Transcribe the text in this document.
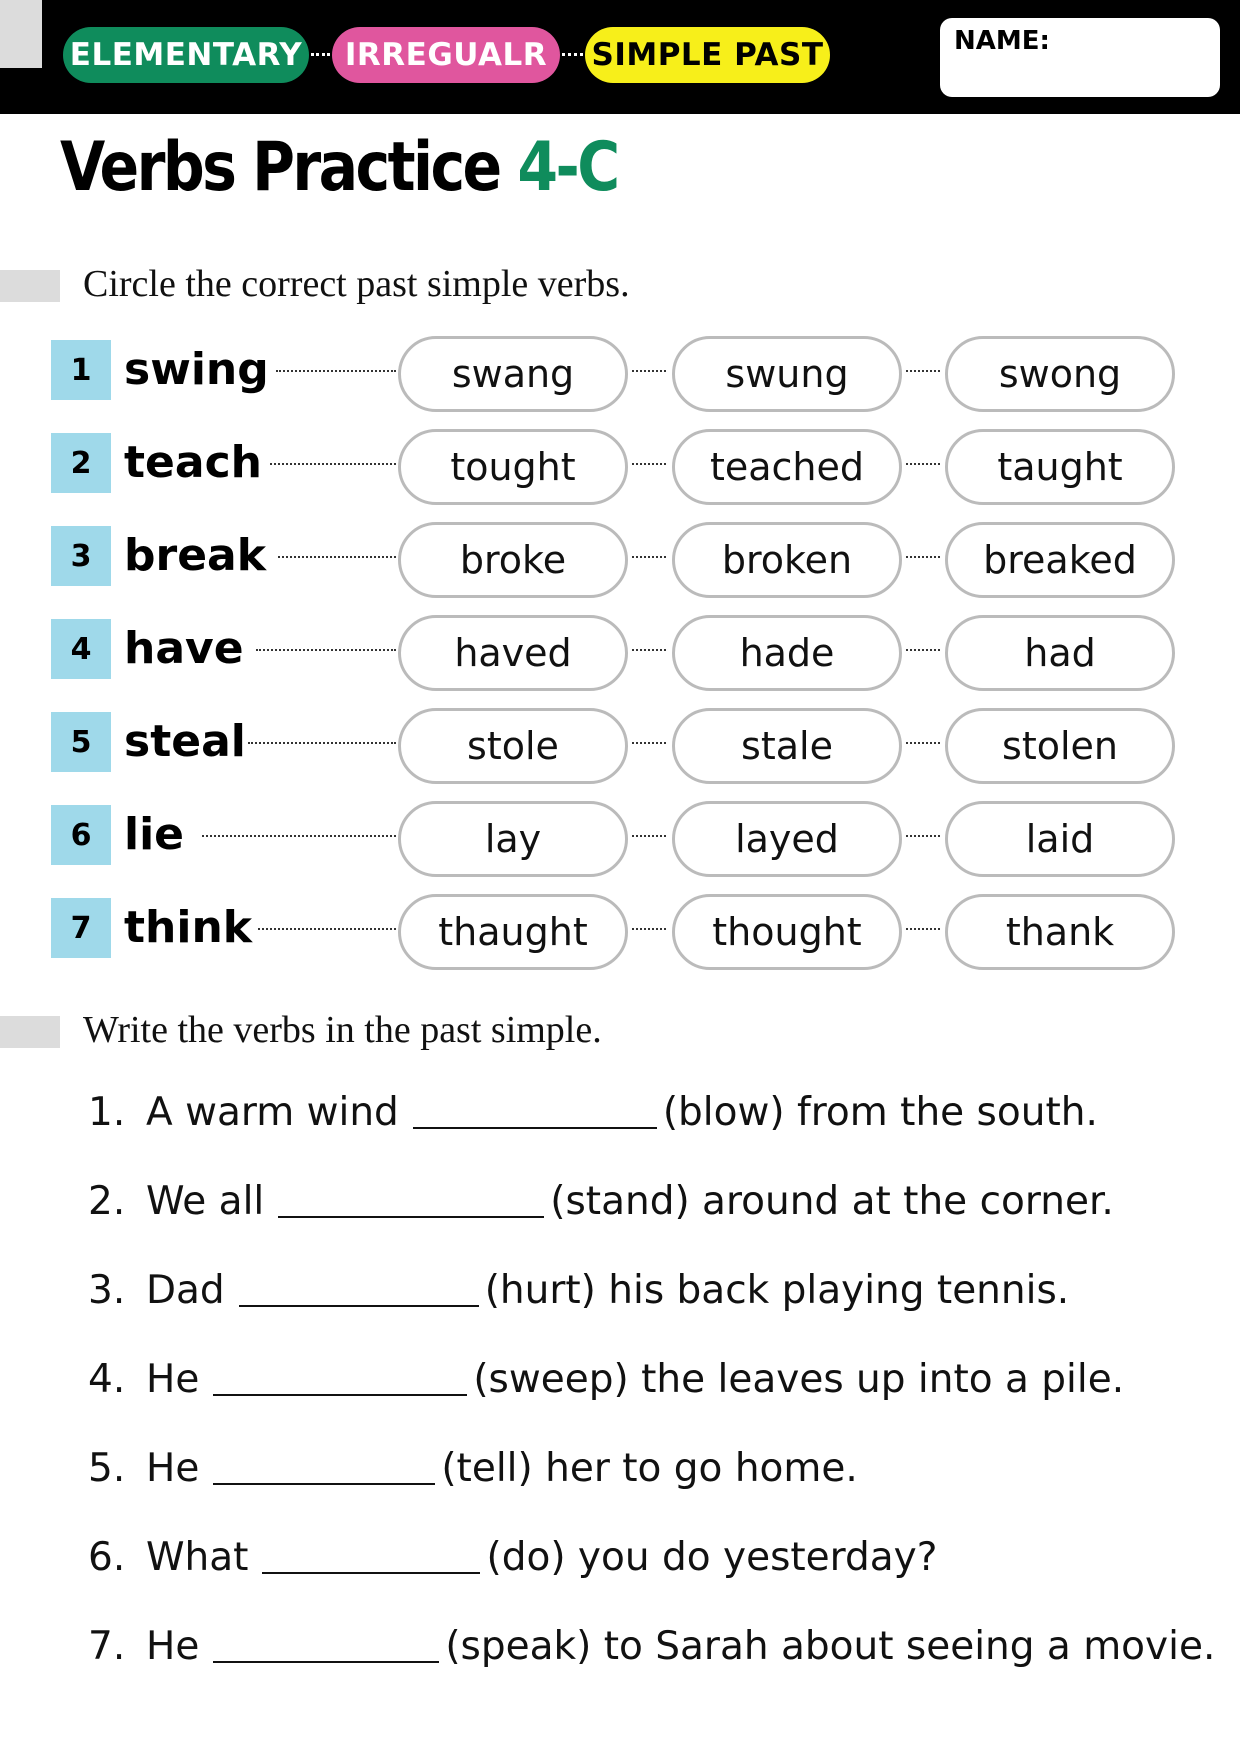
ELEMENTARY	IRREGUALR	SIMPLE PAST	NAME:
Verbs Practice 4-C
Circle the correct past simple verbs.
1 swing	swang	swung	swong
2 teach	tought	teached	taught
3 break	broke	broken	breaked
4 have	haved	hade	had
5 steal	stole	stale	stolen
6 lie	lay	layed	laid
7 think	thaught	thought	thank
Write the verbs in the past simple.
1. A warm wind	(blow) from the south.
2. We all	(stand) around at the corner.
3. Dad	(hurt) his back playing tennis.
4. He	(sweep) the leaves up into a pile.
5. He	(tell) her to go home.
6. What	(do) you do yesterday?
7. He	(speak) to Sarah about seeing a movie.
